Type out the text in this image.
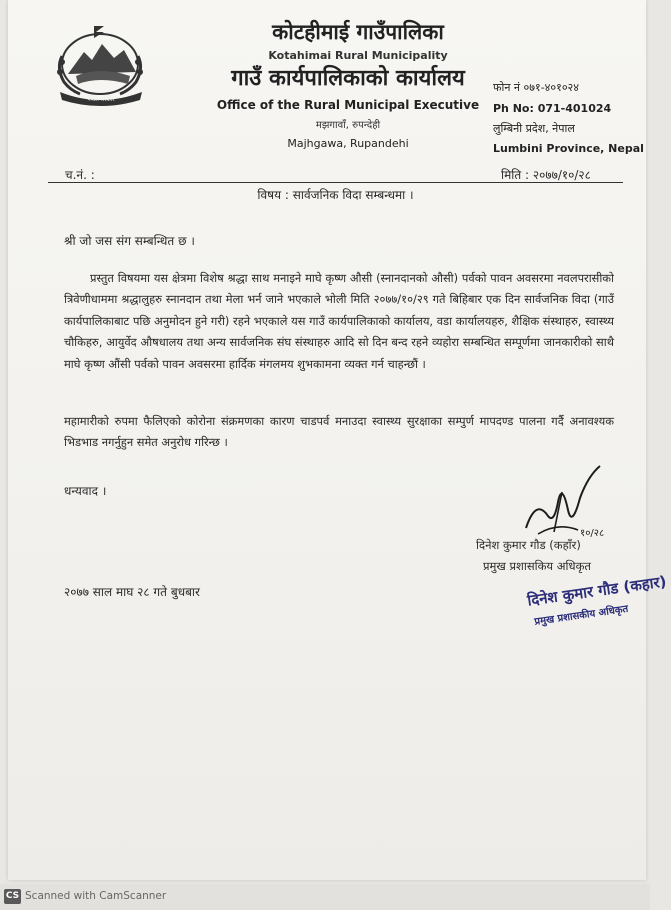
नेपाल सरकार
कोटहीमाई गाउँपालिका
Kotahimai Rural Municipality
गाउँ कार्यपालिकाको कार्यालय
Office of the Rural Municipal Executive
मझगावाँ, रुपन्देही
Majhgawa, Rupandehi
फोन नं ०७१-४०१०२४
Ph No: 071-401024
लुम्बिनी प्रदेश, नेपाल
Lumbini Province, Nepal
च.नं. :	मिति : २०७७/१०/२८
विषय : सार्वजनिक विदा सम्बन्धमा ।
श्री जो जस संग सम्बन्धित छ ।
प्रस्तुत विषयमा यस क्षेत्रमा विशेष श्रद्धा साथ मनाइने माघे कृष्ण औसी (स्नानदानको औसी) पर्वको पावन अवसरमा नवलपरासीको त्रिवेणीधाममा श्रद्धालुहरु स्नानदान तथा मेला भर्न जाने भएकाले भोली मिति २०७७/१०/२९ गते बिहिबार एक दिन सार्वजनिक विदा (गाउँ कार्यपालिकाबाट पछि अनुमोदन हुने गरी) रहने भएकाले यस गाउँ कार्यपालिकाको कार्यालय, वडा कार्यालयहरु, शैक्षिक संस्थाहरु, स्वास्थ्य चौकिहरु, आयुर्वेद औषधालय तथा अन्य सार्वजनिक संघ संस्थाहरु आदि सो दिन बन्द रहने व्यहोरा सम्बन्धित सम्पूर्णमा जानकारीको साथै माघे कृष्ण औंसी पर्वको पावन अवसरमा हार्दिक मंगलमय शुभकामना व्यक्त गर्न चाहन्छौं ।
महामारीको रुपमा फैलिएको कोरोना संक्रमणका कारण चाडपर्व मनाउदा स्वास्थ्य सुरक्षाका सम्पुर्ण मापदण्ड पालना गर्दै अनावश्यक भिडभाड नगर्नुहुन समेत अनुरोध गरिन्छ ।
धन्यवाद ।
१०/२८
दिनेश कुमार गौड (कहाँर)
प्रमुख प्रशासकिय अधिकृत
२०७७ साल माघ २८ गते बुधबार	दिनेश कुमार गौड (कहार)
प्रमुख प्रशासकीय अधिकृत
CS Scanned with CamScanner
